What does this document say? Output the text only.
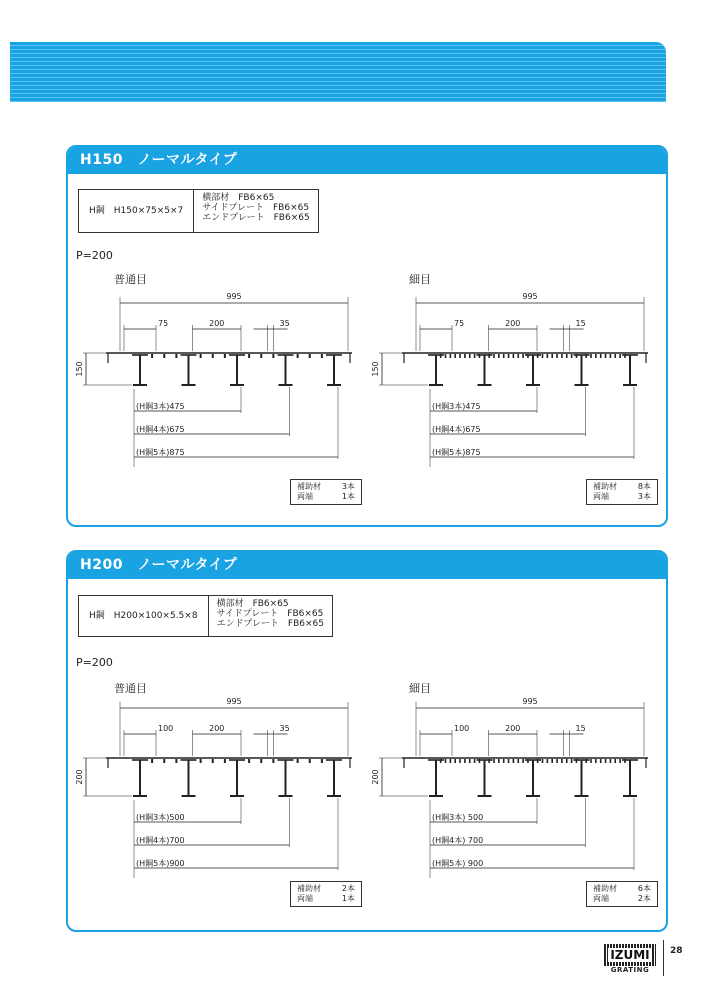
H150　ノーマルタイプ
H鋼　H150×75×5×7
横部材　FB6×65
サイドプレート　FB6×65
エンドプレート　FB6×65
P=200
普通目	細目
995
75	200	35
150
(H鋼3本)475
(H鋼4本)675
(H鋼5本)875
995
75	200	15
150
(H鋼3本)475
(H鋼4本)675
(H鋼5本)875
補助材	3本
両端	1本
補助材	8本
両端	3本
H200　ノーマルタイプ
H鋼　H200×100×5.5×8
横部材　FB6×65
サイドプレート　FB6×65
エンドプレート　FB6×65
P=200
普通目	細目
995
100	200	35
200
(H鋼3本)500
(H鋼4本)700
(H鋼5本)900
995
100	200	15
200
(H鋼3本) 500
(H鋼4本) 700
(H鋼5本) 900
補助材	2本
両端	1本
補助材	6本
両端	2本
IZUMI
GRATING
28
